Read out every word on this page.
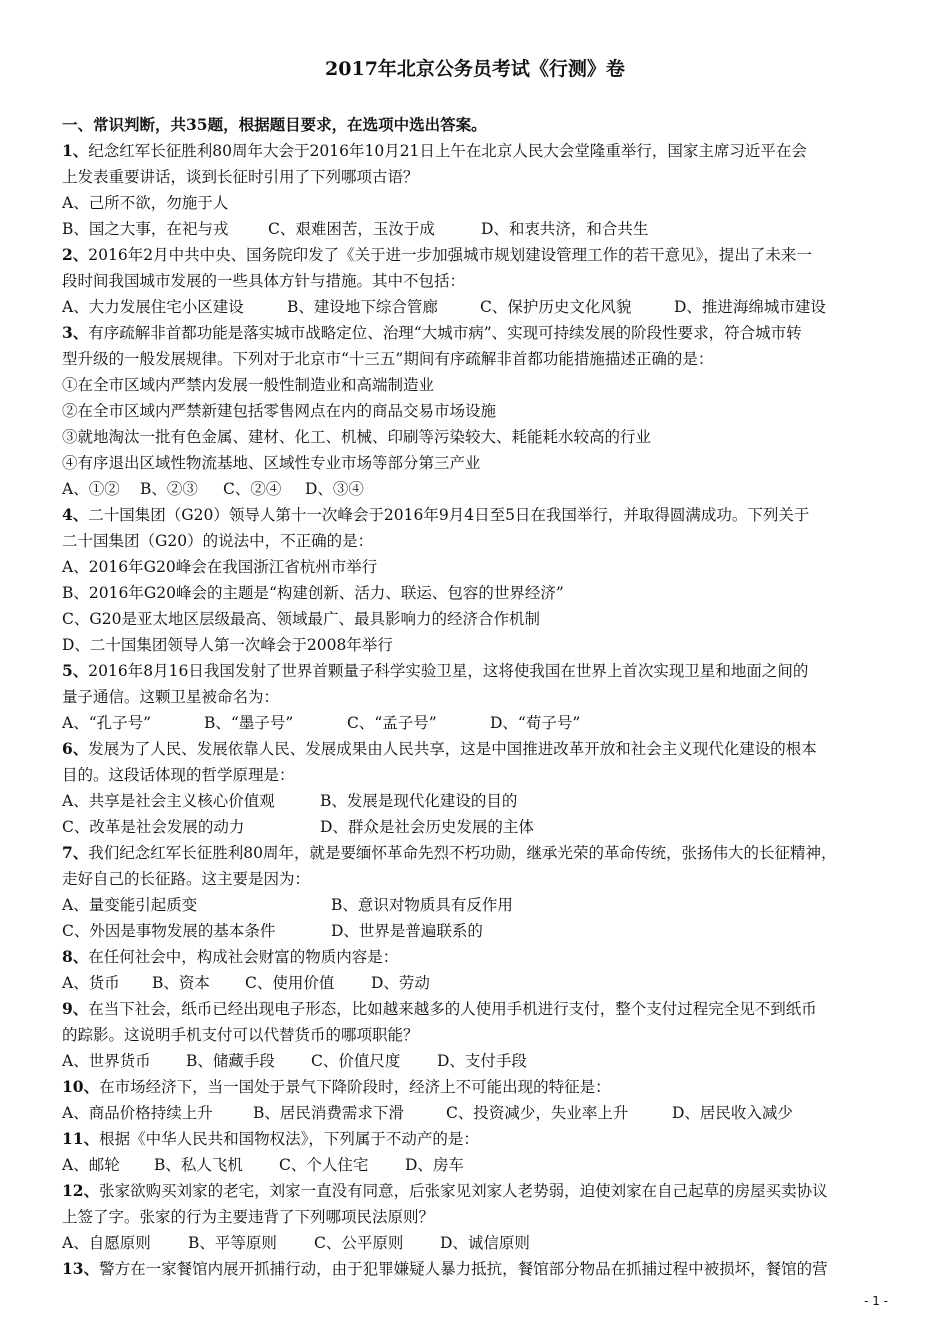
2017年北京公务员考试《行测》卷
一、常识判断，共35题，根据题目要求，在选项中选出答案。
1、纪念红军长征胜利80周年大会于2016年10月21日上午在北京人民大会堂隆重举行，国家主席习近平在会
上发表重要讲话，谈到长征时引用了下列哪项古语？
A、己所不欲，勿施于人
B、国之大事，在祀与戎	C、艰难困苦，玉汝于成	D、和衷共济，和合共生
2、2016年2月中共中央、国务院印发了《关于进一步加强城市规划建设管理工作的若干意见》，提出了未来一
段时间我国城市发展的一些具体方针与措施。其中不包括：
A、大力发展住宅小区建设	B、建设地下综合管廊	C、保护历史文化风貌	D、推进海绵城市建设
3、有序疏解非首都功能是落实城市战略定位、治理“大城市病”、实现可持续发展的阶段性要求，符合城市转
型升级的一般发展规律。下列对于北京市“十三五”期间有序疏解非首都功能措施描述正确的是：
①在全市区域内严禁内发展一般性制造业和高端制造业
②在全市区域内严禁新建包括零售网点在内的商品交易市场设施
③就地淘汰一批有色金属、建材、化工、机械、印刷等污染较大、耗能耗水较高的行业
④有序退出区域性物流基地、区域性专业市场等部分第三产业
A、①② B、②③ C、②④ D、③④
4、二十国集团（G20）领导人第十一次峰会于2016年9月4日至5日在我国举行，并取得圆满成功。下列关于
二十国集团（G20）的说法中，不正确的是：
A、2016年G20峰会在我国浙江省杭州市举行
B、2016年G20峰会的主题是“构建创新、活力、联运、包容的世界经济”
C、G20是亚太地区层级最高、领域最广、最具影响力的经济合作机制
D、二十国集团领导人第一次峰会于2008年举行
5、2016年8月16日我国发射了世界首颗量子科学实验卫星，这将使我国在世界上首次实现卫星和地面之间的
量子通信。这颗卫星被命名为：
A、“孔子号”	B、“墨子号”	C、“孟子号”	D、“荀子号”
6、发展为了人民、发展依靠人民、发展成果由人民共享，这是中国推进改革开放和社会主义现代化建设的根本
目的。这段话体现的哲学原理是：
A、共享是社会主义核心价值观	B、发展是现代化建设的目的
C、改革是社会发展的动力	D、群众是社会历史发展的主体
7、我们纪念红军长征胜利80周年，就是要缅怀革命先烈不朽功勋，继承光荣的革命传统，张扬伟大的长征精神，
走好自己的长征路。这主要是因为：
A、量变能引起质变	B、意识对物质具有反作用
C、外因是事物发展的基本条件	D、世界是普遍联系的
8、在任何社会中，构成社会财富的物质内容是：
A、货币 B、资本 C、使用价值 D、劳动
9、在当下社会，纸币已经出现电子形态，比如越来越多的人使用手机进行支付，整个支付过程完全见不到纸币
的踪影。这说明手机支付可以代替货币的哪项职能？
A、世界货币 B、储藏手段 C、价值尺度 D、支付手段
10、在市场经济下，当一国处于景气下降阶段时，经济上不可能出现的特征是：
A、商品价格持续上升	B、居民消费需求下滑	C、投资减少，失业率上升	D、居民收入减少
11、根据《中华人民共和国物权法》，下列属于不动产的是：
A、邮轮 B、私人飞机 C、个人住宅 D、房车
12、张家欲购买刘家的老宅，刘家一直没有同意，后张家见刘家人老势弱，迫使刘家在自己起草的房屋买卖协议
上签了字。张家的行为主要违背了下列哪项民法原则？
A、自愿原则 B、平等原则 C、公平原则 D、诚信原则
13、警方在一家餐馆内展开抓捕行动，由于犯罪嫌疑人暴力抵抗，餐馆部分物品在抓捕过程中被损坏，餐馆的营
- 1 -
